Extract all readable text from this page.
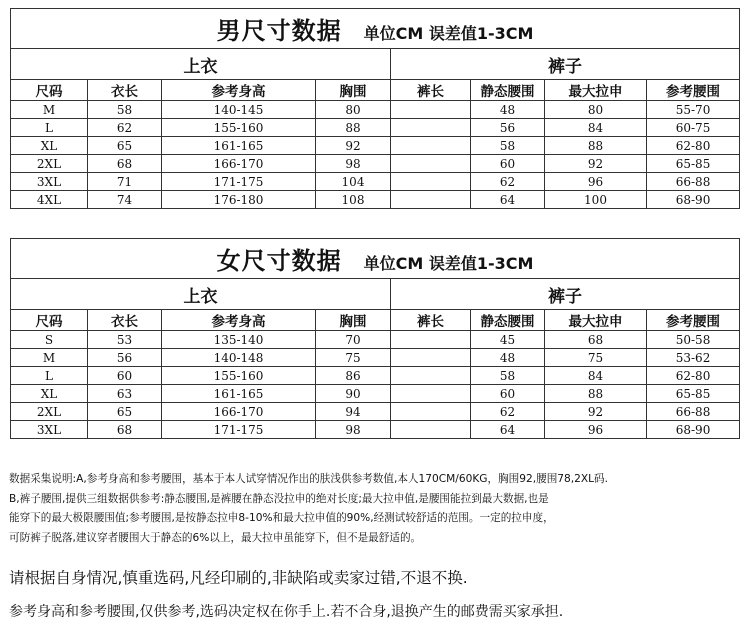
男尺寸数据 单位CM 误差值1-3CM							
上衣				裤子			
尺码	衣长	参考身高	胸围	裤长	静态腰围	最大拉申	参考腰围
M	58	140-145	80		48	80	55-70
L	62	155-160	88		56	84	60-75
XL	65	161-165	92		58	88	62-80
2XL	68	166-170	98		60	92	65-85
3XL	71	171-175	104		62	96	66-88
4XL	74	176-180	108		64	100	68-90
女尺寸数据 单位CM 误差值1-3CM							
上衣				裤子			
尺码	衣长	参考身高	胸围	裤长	静态腰围	最大拉申	参考腰围
S	53	135-140	70		45	68	50-58
M	56	140-148	75		48	75	53-62
L	60	155-160	86		58	84	62-80
XL	63	161-165	90		60	88	65-85
2XL	65	166-170	94		62	92	66-88
3XL	68	171-175	98		64	96	68-90
数据采集说明:A,参考身高和参考腰围，基本于本人试穿情况作出的肤浅供参考数值,本人170CM/60KG，胸围92,腰围78,2XL码.
B,裤子腰围,提供三组数据供参考:静态腰围,是裤腰在静态没拉申的绝对长度;最大拉申值,是腰围能拉到最大数据,也是
能穿下的最大极限腰围值;参考腰围,是按静态拉申8-10%和最大拉申值的90%,经测试较舒适的范围。一定的拉申度，
可防裤子脱落,建议穿者腰围大于静态的6%以上，最大拉申虽能穿下，但不是最舒适的。
请根据自身情况,慎重选码,凡经印刷的,非缺陷或卖家过错,不退不换.
参考身高和参考腰围,仅供参考,选码决定权在你手上.若不合身,退换产生的邮费需买家承担.
